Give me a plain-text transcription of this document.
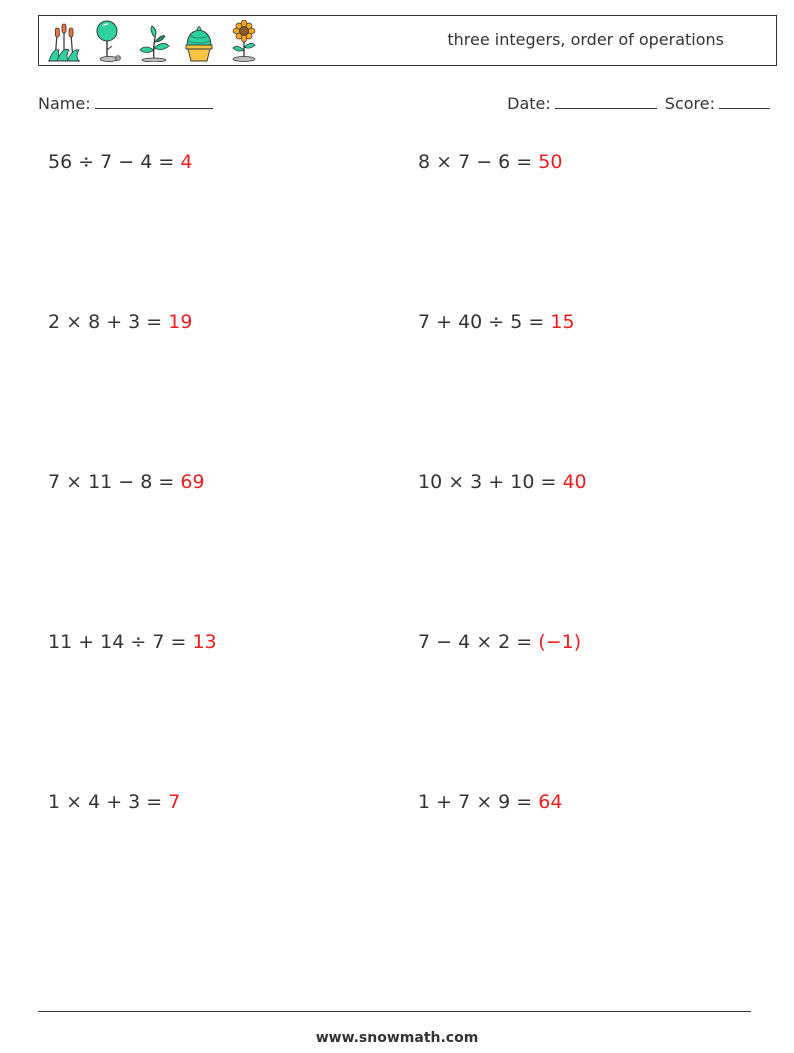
three integers, order of operations
Name:	Date:	Score:
56 ÷ 7 − 4 = 4	8 × 7 − 6 = 50
2 × 8 + 3 = 19	7 + 40 ÷ 5 = 15
7 × 11 − 8 = 69	10 × 3 + 10 = 40
11 + 14 ÷ 7 = 13	7 − 4 × 2 = (−1)
1 × 4 + 3 = 7	1 + 7 × 9 = 64
www.snowmath.com
